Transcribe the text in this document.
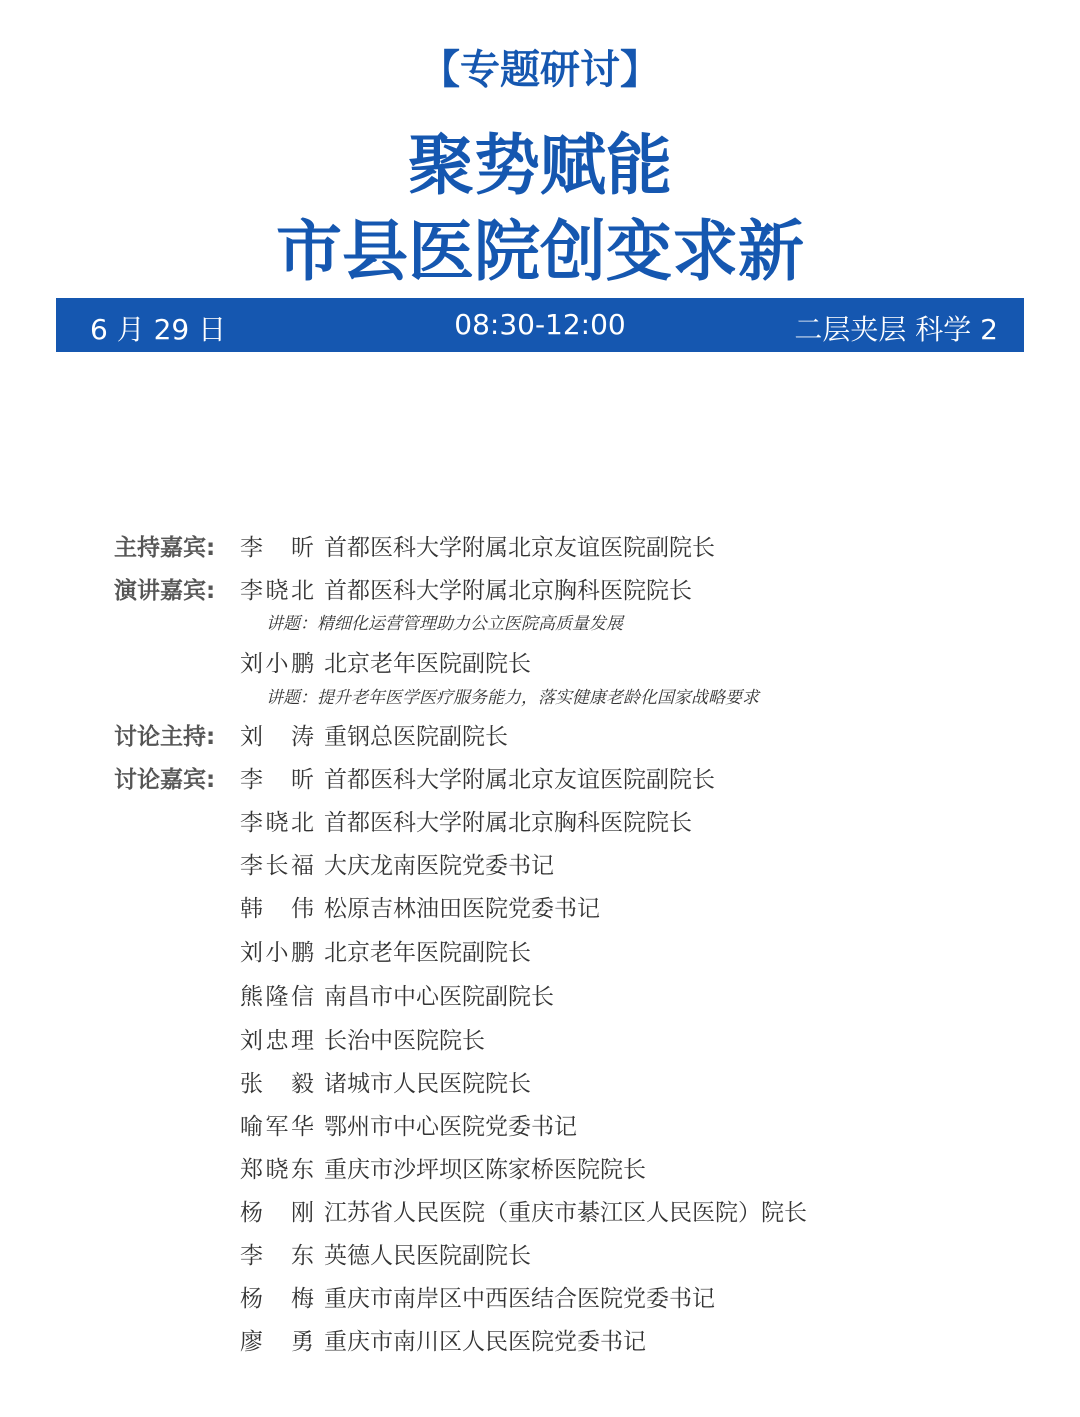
【专题研讨】
聚势赋能
市县医院创变求新
6 月 29 日	08:30-12:00	二层夹层 科学 2
主持嘉宾: 李　昕 首都医科大学附属北京友谊医院副院长
演讲嘉宾: 李晓北 首都医科大学附属北京胸科医院院长
讲题：精细化运营管理助力公立医院高质量发展
刘小鹏 北京老年医院副院长
讲题：提升老年医学医疗服务能力，落实健康老龄化国家战略要求
讨论主持: 刘　涛 重钢总医院副院长
讨论嘉宾: 李　昕 首都医科大学附属北京友谊医院副院长
李晓北 首都医科大学附属北京胸科医院院长
李长福 大庆龙南医院党委书记
韩　伟 松原吉林油田医院党委书记
刘小鹏 北京老年医院副院长
熊隆信 南昌市中心医院副院长
刘忠理 长治中医院院长
张　毅 诸城市人民医院院长
喻军华 鄂州市中心医院党委书记
郑晓东 重庆市沙坪坝区陈家桥医院院长
杨　刚 江苏省人民医院（重庆市綦江区人民医院）院长
李　东 英德人民医院副院长
杨　梅 重庆市南岸区中西医结合医院党委书记
廖　勇 重庆市南川区人民医院党委书记
